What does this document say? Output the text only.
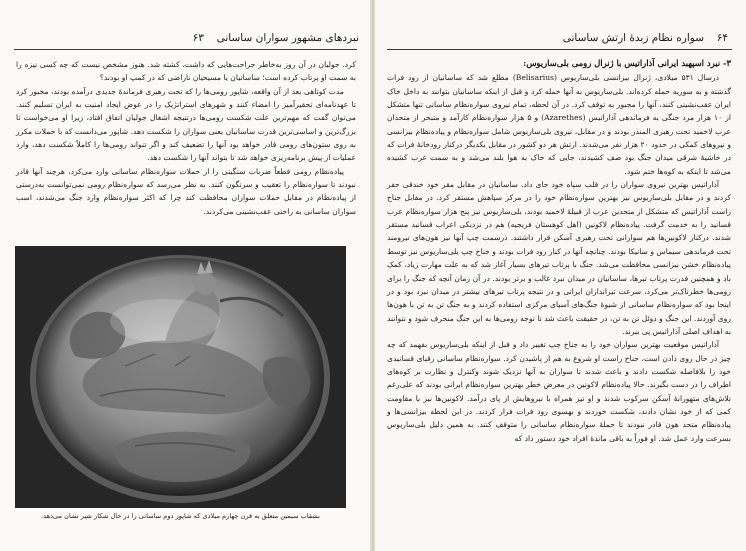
نبردهای مشهور سواران ساسانی  ۶۳

کرد. جولیان در آن روز به‌خاطر جراحت‌هایی که داشت، کشته شد. هنوز مشخص نیست که چه کسی نیزه را به سمت او پرتاب کرده است؛ ساسانیان یا مسیحیان ناراضی که در کمپ او بودند؟

مدت کوتاهی بعد از آن واقعه، شاپور رومی‌ها را که تحت رهبری فرماندهٔ جدیدی درآمده بودند، مجبور کرد تا عهدنامه‌ای تحقیرآمیز را امضاء کنند و شهرهای استراتژیک را در عوض ایجاد امنیت به ایران تسلیم کنند. می‌توان گفت که مهم‌ترین علت شکست رومی‌ها درتنیجه اشغال جولیان اتفاق افتاد، زیرا او می‌خواست تا بزرگ‌ترین و اساسی‌ترین قدرت ساسانیان یعنی سواران را شکست دهد. شاپور می‌دانست که با حملات مکرر به روی ستون‌های رومی قادر خواهد بود آنها را تضعیف کند و اگر تنواند رومی‌ها را کاملاً شکست دهد، وارد عملیات از پیش برنامه‌ریزی خواهد شد تا بتواند آنها را شکست دهد.

پیاده‌نظام رومی قطعاً ضربات سنگینی را از حملات سواره‌نظام ساسانی وارد می‌کرد، هرچند آنها قادر نبودند تا سواره‌نظام را تعقیب و سرنگون کنند. به نظر می‌رسد که سواره‌نظام رومی نمی‌توانست به‌درستی از پیاده‌نظام در مقابل حملات سواران محافظت کند چرا که اکثر سواره‌نظام وارد جنگ می‌شدند، اسب سواران ساسانی به راحتی عقب‌نشینی می‌کردند.

بشقاب سیمین متعلق به قرن چهارم میلادی که شاپور دوم ساسانی را در حال شکار شیر نشان می‌دهد.
۶۴  سواره نظام زبدهٔ ارتش ساسانی
۳- نبرد اسپهبد ایرانی آذاراتیس با ژنرال رومی بلی‌ساریوس:

درسال ۵۳۱ میلادی، ژنرال بیزانسی بلی‌ساریوس (Belisarius) مطلع شد که ساسانیان از رود فرات گذشته و به سوریه حمله کرده‌اند. بلی‌ساریوس به آنها حمله کرد و قبل از اینکه ساسانیان بتوانند به داخل خاک ایران عقب‌نشینی کنند، آنها را مجبور به توقف کرد. در آن لحظه، تمام نیروی سواره‌نظام ساسانی تنها متشکل از ۱۰ هزار مرد جنگی به فرماندهی آذاراتیس (Azarethes) و ۵ هزار سواره‌نظام کارآمد و متبحر از متحدان عرب لاخمید تحت رهبری المنذر بودند و در مقابل، نیروی بلی‌ساریوس شامل سواره‌نظام و پیاده‌نظام بیزانسی و نیروهای کمکی در حدود ۲۰ هزار نفر می‌شدند. ارتش هر دو کشور در مقابل یکدیگر درکنار رودخانهٔ فرات که در حاشیهٔ شرقی میدان جنگ بود صف کشیدند، جایی که خاک به هوا بلند می‌شد و به سمت غرب کشیده می‌شد تا اینکه به کوه‌ها ختم شود.

آذاراتیس بهترین نیروی سواران را در قلب سپاه خود جای داد. ساسانیان در مقابل مقر خود خندقی حفر کردند و در مقابل بلی‌ساریوس نیز بهترین سواره‌نظام خود را در مرکز سپاهش مستقر کرد. در مقابل جناح راست آذاراتیس که متشکل از متحدین عرب از قبیلهٔ لاخمید بودند، بلی‌ساریوس نیز پنج هزار سواره‌نظام عرب قسانید را به خدمت گرفت. پیاده‌نظام لاکونین (اهل کوهستان فریجیه) هم در نزدیکی اعراب قسانید مستقر شدند. درکنار لاکونین‌ها هم سوارانی تحت رهبری آسکن قرار داشتند. درسمت چپ آنها نیز هون‌های نیرومند تحت فرماندهی سیماس و سانیکا بودند. چنانچه آنها در کنار رود فرات بودند و جناح چپ بلی‌ساریوس نیز توسط پیاده‌نظام خشن بیزانسی محافظت می‌شد. جنگ با پرتاب تیرهای بسیار آغاز شد که به علت مهارت زیاد، کمک باد و همچنین قدرت پرتاب تیرها، ساسانیان در میدان نبرد غالب و برتر بودند. در آن زمان آنچه که جنگ را برای رومی‌ها خطرناک‌تر می‌کرد، سرعت تیراندازان ایرانی و در نتیجه پرتاب تیرهای بیشتر در میدان نبرد بود و در اینجا بود که سواره‌نظام ساسانی از شیوهٔ جنگ‌های آسیای مرکزی استفاده کردند و به جنگ تن به تن با هون‌ها روی آوردند. این جنگ و دوئل تن به تن، در حقیقت باعث شد تا توجه رومی‌ها به این جنگ منحرف شود و نتوانند به اهداف اصلی آذاراتیس پی ببرند.

آذاراتیس موقعیت بهترین سواران خود را به جناح چپ تغییر داد و قبل از اینکه بلی‌ساریوس بفهمد که چه چیز در حال روی دادن است، جناح راست او شروع به هم از پاشیدن کرد. سواره‌نظام ساسانی رقبای قسانیدی خود را بلافاصله شکست دادند و باعث شدند تا سواران به آنها نزدیک شوند وکنترل و نظارت بر کوه‌های اطراف را در دست بگیرند. حالا پیاده‌نظام لاکونین در معرض خطر بهترین سواره‌نظام ایرانی بودند که علی‌رغم تلاش‌های متهورانهٔ آسکن سرکوب شدند و او نیز همراه با نیروهایش از پای درآمد. لاکونین‌ها نیز با مقاومت کمی که از خود نشان دادند، شکست خوردند و بهسوی رود فرات فرار کردند. در این لحظه بیزانسی‌ها و پیاده‌نظام متحد هون قادر نبودند تا حملهٔ سواره‌نظام ساسانی را متوقف کنند. به همین دلیل بلی‌ساریوس بسرعت وارد عمل شد. او فوراً به باقی ماندهٔ افراد خود دستور داد که
